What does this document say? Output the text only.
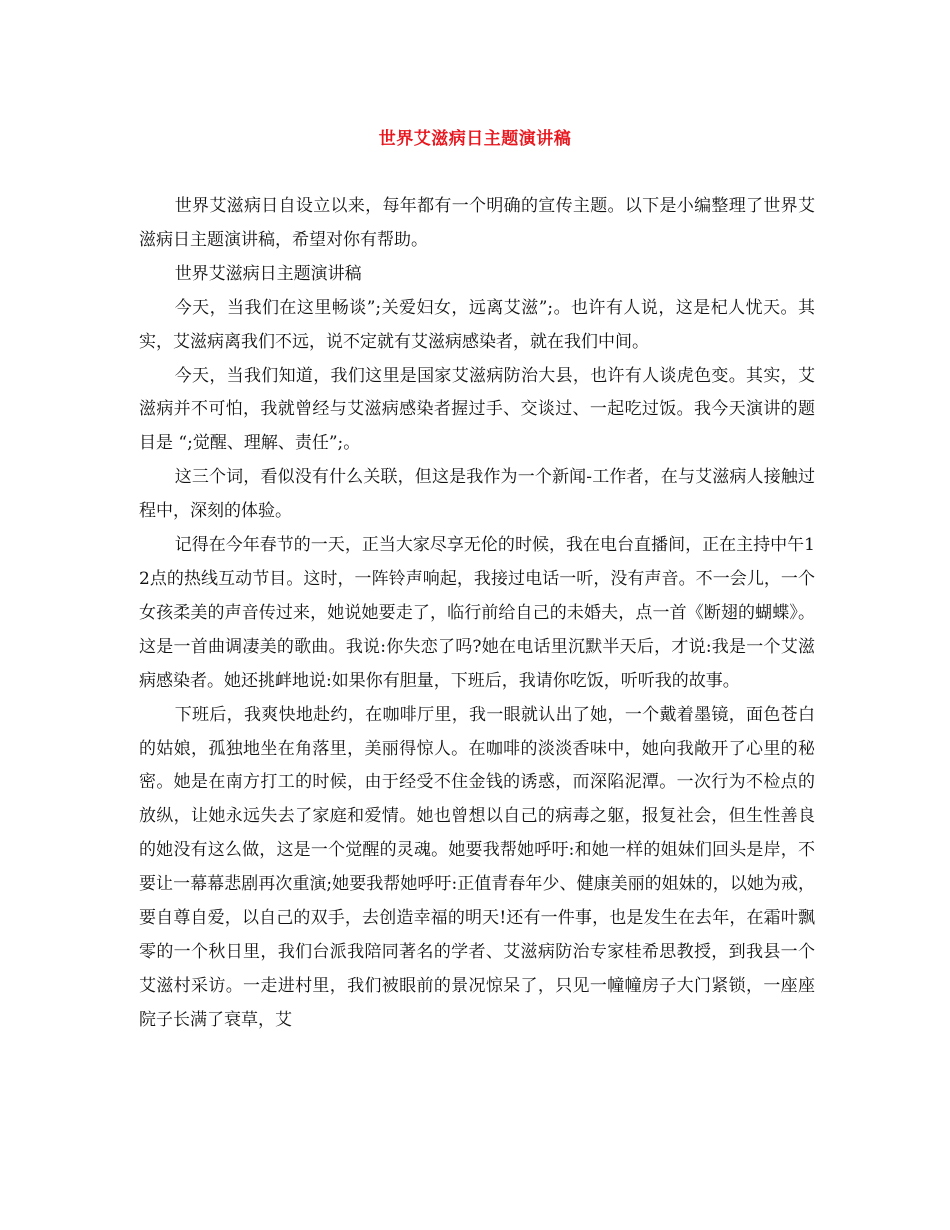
世界艾滋病日主题演讲稿

世界艾滋病日自设立以来，每年都有一个明确的宣传主题。以下是小编整理了世界艾滋病日主题演讲稿，希望对你有帮助。

世界艾滋病日主题演讲稿

今天，当我们在这里畅谈”;关爱妇女，远离艾滋”;。也许有人说，这是杞人忧天。其实，艾滋病离我们不远，说不定就有艾滋病感染者，就在我们中间。

今天，当我们知道，我们这里是国家艾滋病防治大县，也许有人谈虎色变。其实，艾滋病并不可怕，我就曾经与艾滋病感染者握过手、交谈过、一起吃过饭。我今天演讲的题目是 “;觉醒、理解、责任”;。

这三个词，看似没有什么关联，但这是我作为一个新闻-工作者，在与艾滋病人接触过程中，深刻的体验。

记得在今年春节的一天，正当大家尽享无伦的时候，我在电台直播间，正在主持中午12点的热线互动节目。这时，一阵铃声响起，我接过电话一听，没有声音。不一会儿，一个女孩柔美的声音传过来，她说她要走了，临行前给自己的未婚夫，点一首《断翅的蝴蝶》。这是一首曲调凄美的歌曲。我说:你失恋了吗?她在电话里沉默半天后，才说:我是一个艾滋病感染者。她还挑衅地说:如果你有胆量，下班后，我请你吃饭，听听我的故事。

下班后，我爽快地赴约，在咖啡厅里，我一眼就认出了她，一个戴着墨镜，面色苍白的姑娘，孤独地坐在角落里，美丽得惊人。在咖啡的淡淡香味中，她向我敞开了心里的秘密。她是在南方打工的时候，由于经受不住金钱的诱惑，而深陷泥潭。一次行为不检点的放纵，让她永远失去了家庭和爱情。她也曾想以自己的病毒之躯，报复社会，但生性善良的她没有这么做，这是一个觉醒的灵魂。她要我帮她呼吁:和她一样的姐妹们回头是岸，不要让一幕幕悲剧再次重演;她要我帮她呼吁:正值青春年少、健康美丽的姐妹的，以她为戒，要自尊自爱，以自己的双手，去创造幸福的明天!还有一件事，也是发生在去年，在霜叶飘零的一个秋日里，我们台派我陪同著名的学者、艾滋病防治专家桂希思教授，到我县一个艾滋村采访。一走进村里，我们被眼前的景况惊呆了，只见一幢幢房子大门紧锁，一座座院子长满了衰草，艾
